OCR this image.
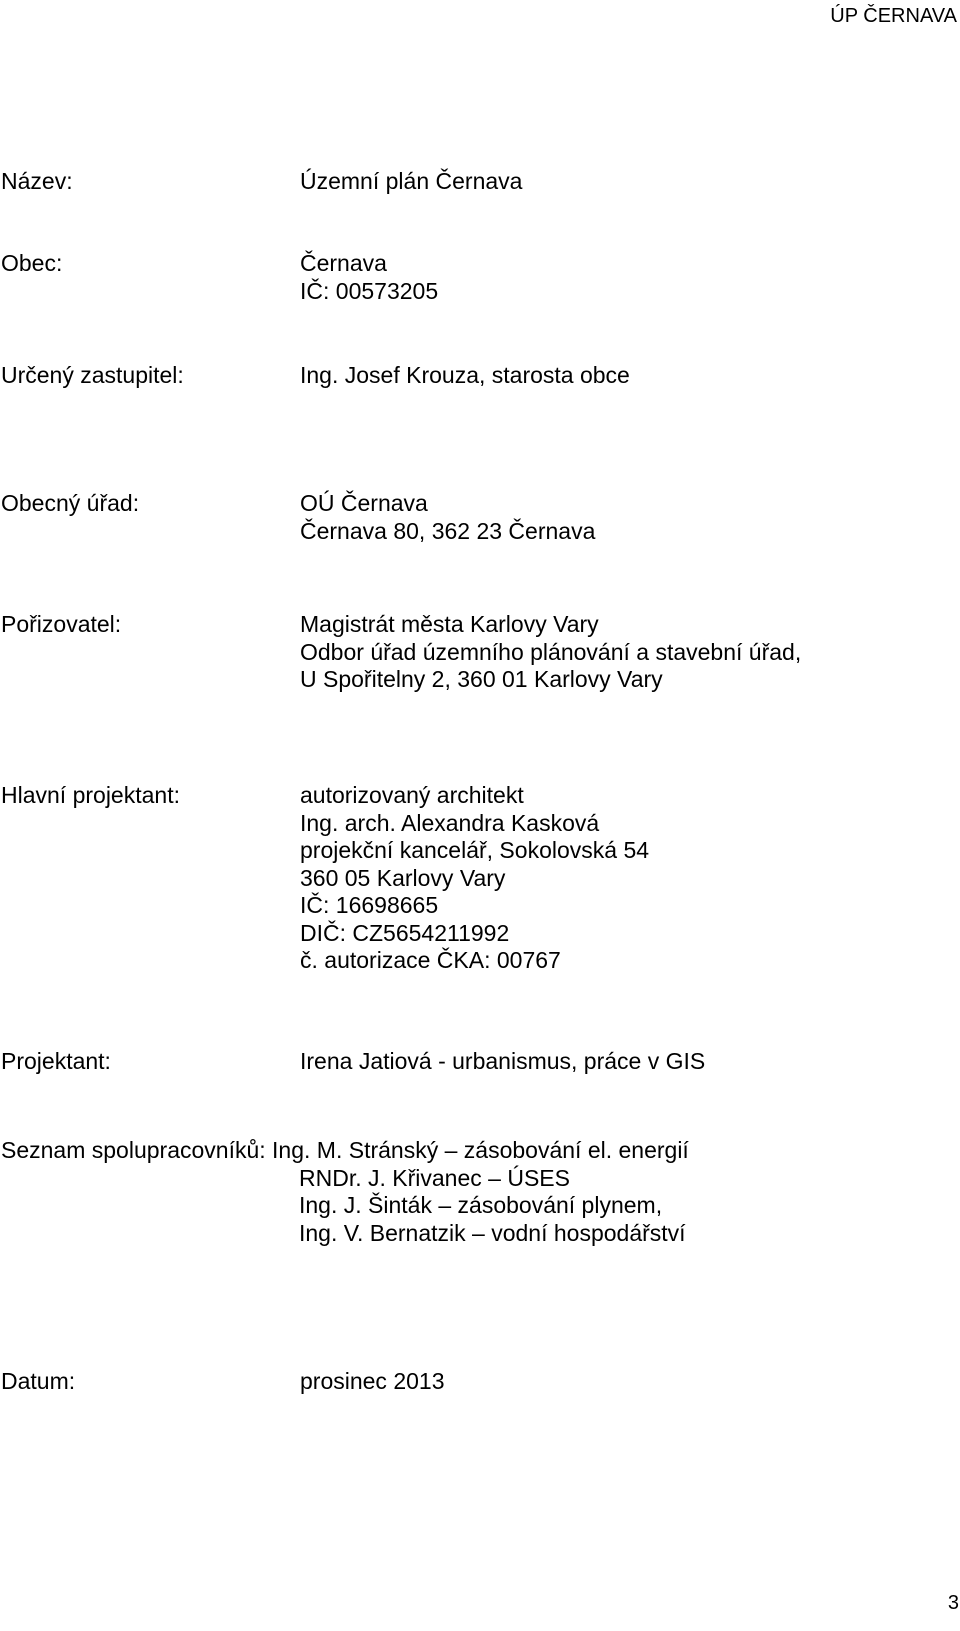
ÚP ČERNAVA
Název:	Územní plán Černava
Obec:	Černava
IČ: 00573205
Určený zastupitel:	Ing. Josef Krouza, starosta obce
Obecný úřad:	OÚ Černava
Černava 80, 362 23 Černava
Pořizovatel:	Magistrát města Karlovy Vary
Odbor úřad územního plánování a stavební úřad,
U Spořitelny 2, 360 01 Karlovy Vary
Hlavní projektant:	autorizovaný architekt
Ing. arch. Alexandra Kasková
projekční kancelář, Sokolovská 54
360 05 Karlovy Vary
IČ: 16698665
DIČ: CZ5654211992
č. autorizace ČKA: 00767
Projektant:	Irena Jatiová - urbanismus, práce v GIS
Seznam spolupracovníků: Ing. M. Stránský – zásobování el. energií
RNDr. J. Křivanec – ÚSES
Ing. J. Šinták – zásobování plynem,
Ing. V. Bernatzik – vodní hospodářství
Datum:	prosinec 2013
3
